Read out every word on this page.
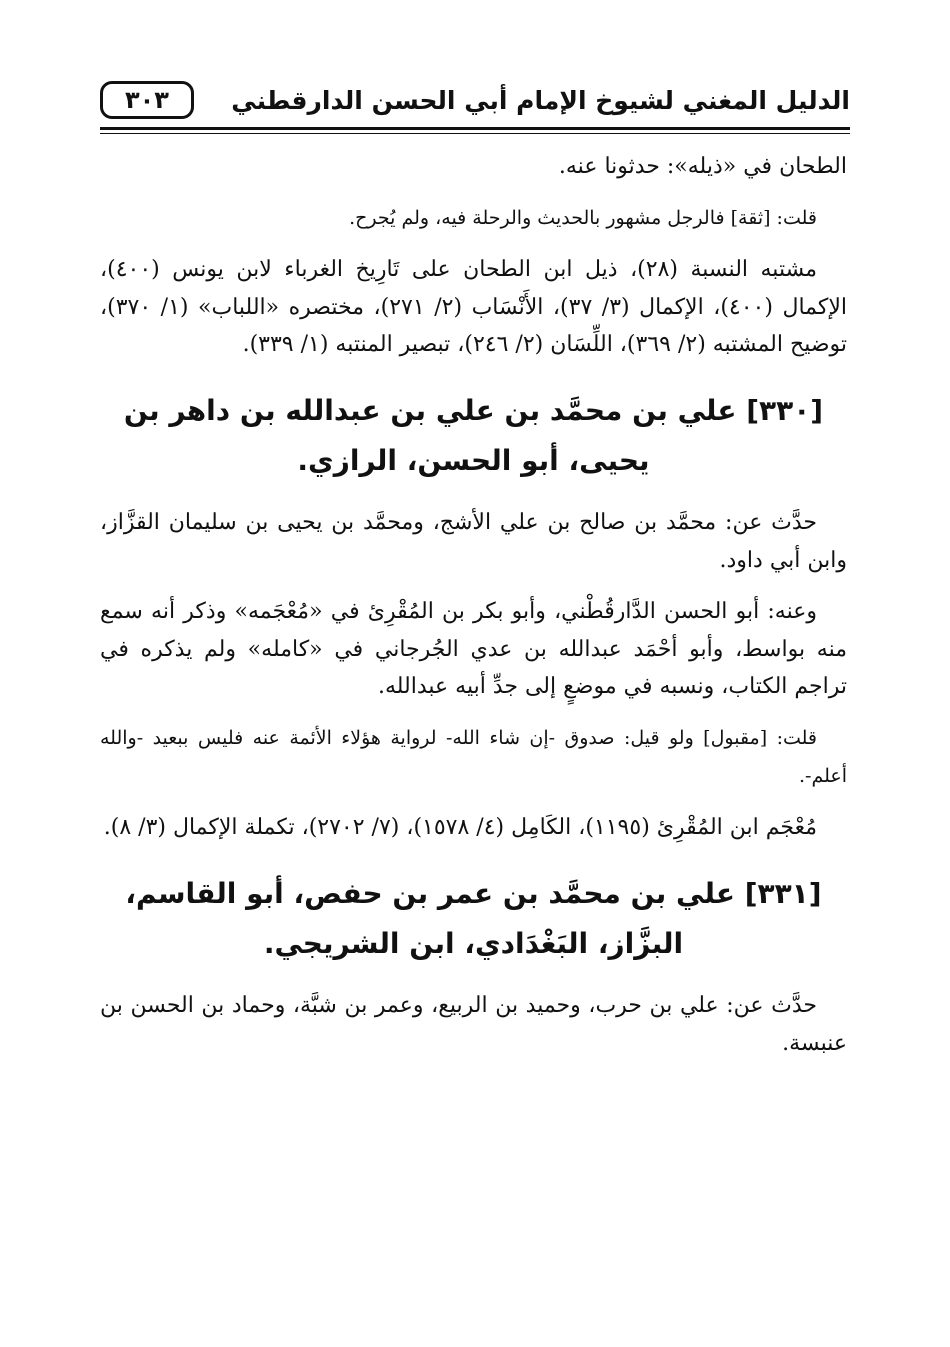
الدليل المغني لشيوخ الإمام أبي الحسن الدارقطني
٣٠٣

الطحان في «ذيله»: حدثونا عنه.

قلت: [ثقة] فالرجل مشهور بالحديث والرحلة فيه، ولم يُجرح.

مشتبه النسبة (٢٨)، ذيل ابن الطحان على تَارِيخ الغرباء لابن يونس (٤٠٠)، الإكمال (٤٠٠)، الإكمال (٣/ ٣٧)، الأَنْسَاب (٢/ ٢٧١)، مختصره «اللباب» (١/ ٣٧٠)، توضيح المشتبه (٢/ ٣٦٩)، اللِّسَان (٢/ ٢٤٦)، تبصير المنتبه (١/ ٣٣٩).

[٣٣٠] علي بن محمَّد بن علي بن عبدالله بن داهر بن يحيى، أبو الحسن، الرازي.

حدَّث عن: محمَّد بن صالح بن علي الأشج، ومحمَّد بن يحيى بن سليمان القزَّاز، وابن أبي داود.

وعنه: أبو الحسن الدَّارقُطْني، وأبو بكر بن المُقْرِئ في «مُعْجَمه» وذكر أنه سمع منه بواسط، وأبو أحْمَد عبدالله بن عدي الجُرجاني في «كامله» ولم يذكره في تراجم الكتاب، ونسبه في موضعٍ إلى جدِّ أبيه عبدالله.

قلت: [مقبول] ولو قيل: صدوق -إن شاء الله- لرواية هؤلاء الأئمة عنه فليس ببعيد -والله أعلم-.

مُعْجَم ابن المُقْرِئ (١١٩٥)، الكَامِل (٤/ ١٥٧٨)، (٧/ ٢٧٠٢)، تكملة الإكمال (٣/ ٨).

[٣٣١] علي بن محمَّد بن عمر بن حفص، أبو القاسم، البزَّاز، البَغْدَادي، ابن الشريجي.

حدَّث عن: علي بن حرب، وحميد بن الربيع، وعمر بن شبَّة، وحماد بن الحسن بن عنبسة.
